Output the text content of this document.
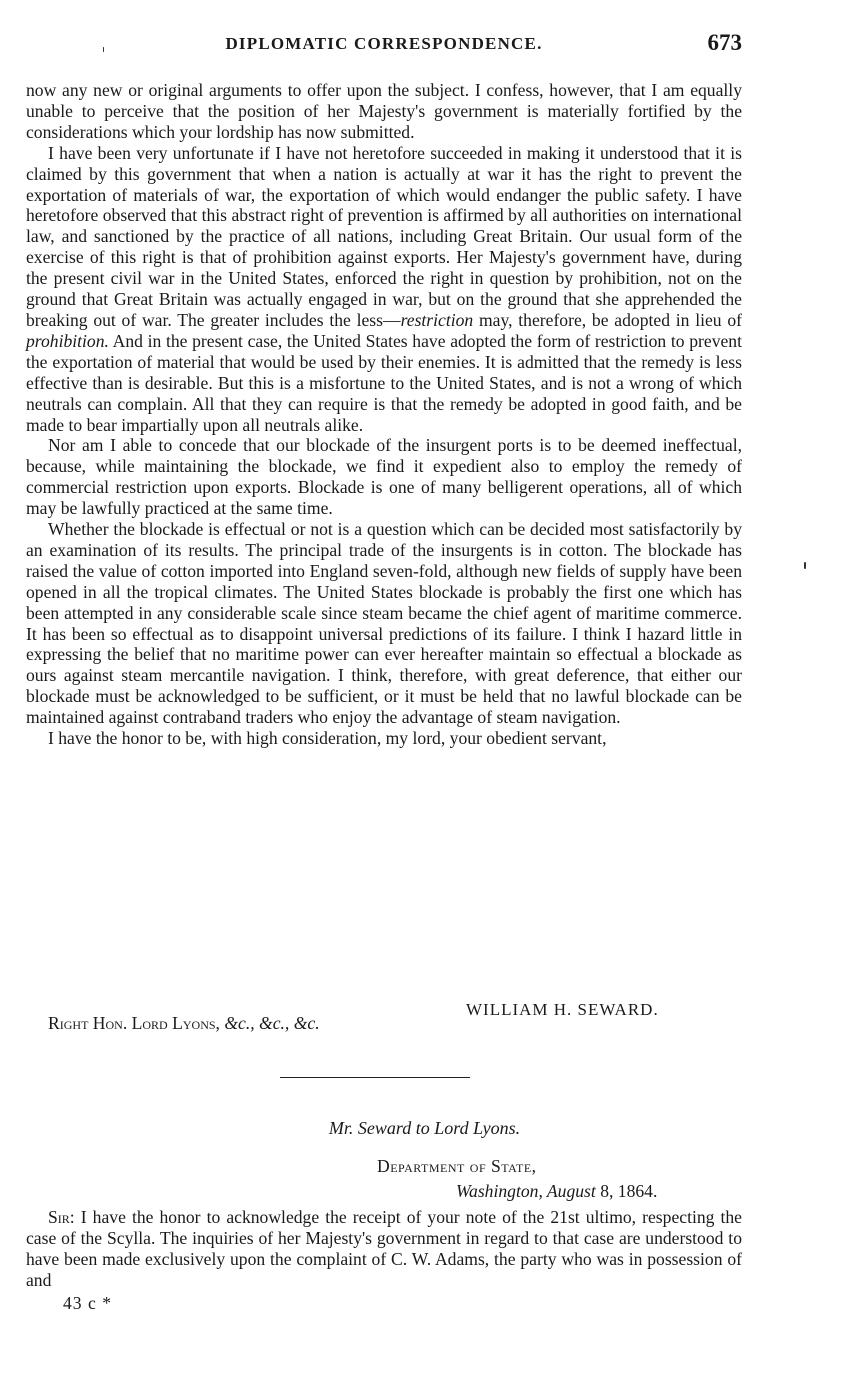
DIPLOMATIC CORRESPONDENCE.	673

now any new or original arguments to offer upon the subject. I confess, however, that I am equally unable to perceive that the position of her Majesty's government is materially fortified by the considerations which your lordship has now submitted.

I have been very unfortunate if I have not heretofore succeeded in making it understood that it is claimed by this government that when a nation is actually at war it has the right to prevent the exportation of materials of war, the exportation of which would endanger the public safety. I have heretofore observed that this abstract right of prevention is affirmed by all authorities on international law, and sanctioned by the practice of all nations, including Great Britain. Our usual form of the exercise of this right is that of prohibition against exports. Her Majesty's government have, during the present civil war in the United States, enforced the right in question by prohibition, not on the ground that Great Britain was actually engaged in war, but on the ground that she apprehended the breaking out of war. The greater includes the less—restriction may, therefore, be adopted in lieu of prohibition. And in the present case, the United States have adopted the form of restriction to prevent the exportation of material that would be used by their enemies. It is admitted that the remedy is less effective than is desirable. But this is a misfortune to the United States, and is not a wrong of which neutrals can complain. All that they can require is that the remedy be adopted in good faith, and be made to bear impartially upon all neutrals alike.

Nor am I able to concede that our blockade of the insurgent ports is to be deemed ineffectual, because, while maintaining the blockade, we find it expedient also to employ the remedy of commercial restriction upon exports. Blockade is one of many belligerent operations, all of which may be lawfully practiced at the same time.

Whether the blockade is effectual or not is a question which can be decided most satisfactorily by an examination of its results. The principal trade of the insurgents is in cotton. The blockade has raised the value of cotton imported into England seven-fold, although new fields of supply have been opened in all the tropical climates. The United States blockade is probably the first one which has been attempted in any considerable scale since steam became the chief agent of maritime commerce. It has been so effectual as to disappoint universal predictions of its failure. I think I hazard little in expressing the belief that no maritime power can ever hereafter maintain so effectual a blockade as ours against steam mercantile navigation. I think, therefore, with great deference, that either our blockade must be acknowledged to be sufficient, or it must be held that no lawful blockade can be maintained against contraband traders who enjoy the advantage of steam navigation.

I have the honor to be, with high consideration, my lord, your obedient servant,

WILLIAM H. SEWARD.
Right Hon. Lord Lyons, &c., &c., &c.
Mr. Seward to Lord Lyons.
Department of State,
Washington, August 8, 1864.

Sir: I have the honor to acknowledge the receipt of your note of the 21st ultimo, respecting the case of the Scylla. The inquiries of her Majesty's government in regard to that case are understood to have been made exclusively upon the complaint of C. W. Adams, the party who was in possession of and

43 c *
